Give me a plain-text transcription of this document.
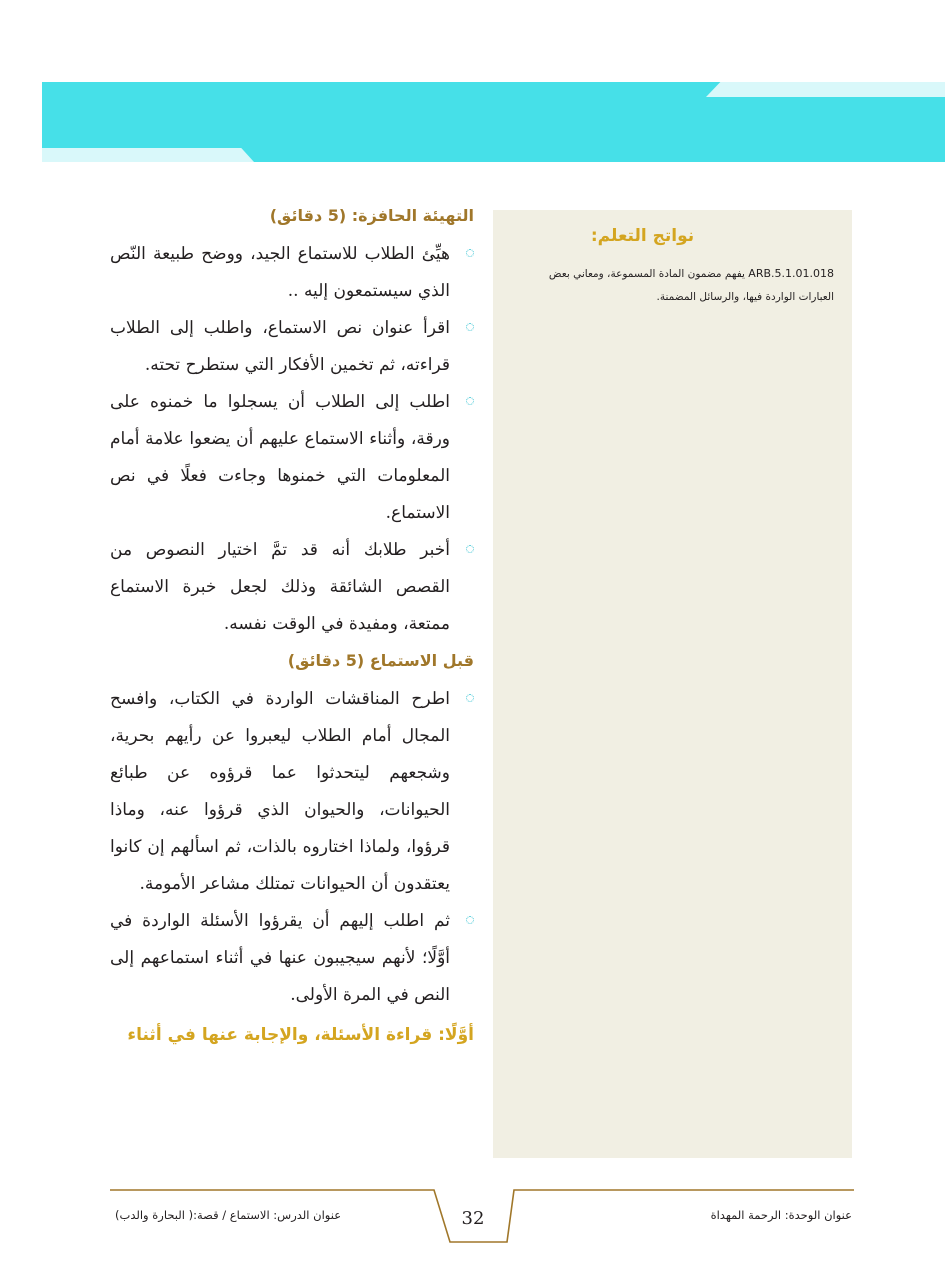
نواتج التعلم:
ARB.5.1.01.018 يفهم مضمون المادة المسموعة، ومعاني بعض العبارات الواردة فيها، والرسائل المضمنة.
التهيئة الحافزة: (5 دقائق)
هيِّئ الطلاب للاستماع الجيد، ووضح طبيعة النّص الذي سيستمعون إليه ..
اقرأ عنوان نص الاستماع، واطلب إلى الطلاب قراءته، ثم تخمين الأفكار التي ستطرح تحته.
اطلب إلى الطلاب أن يسجلوا ما خمنوه على ورقة، وأثناء الاستماع عليهم أن يضعوا علامة أمام المعلومات التي خمنوها وجاءت فعلًا في نص الاستماع.
أخبر طلابك أنه قد تمَّ اختيار النصوص من القصص الشائقة وذلك لجعل خبرة الاستماع ممتعة، ومفيدة في الوقت نفسه.
قبل الاستماع (5 دقائق)
اطرح المناقشات الواردة في الكتاب، وافسح المجال أمام الطلاب ليعبروا عن رأيهم بحرية، وشجعهم ليتحدثوا عما قرؤوه عن طبائع الحيوانات، والحيوان الذي قرؤوا عنه، وماذا قرؤوا، ولماذا اختاروه بالذات، ثم اسألهم إن كانوا يعتقدون أن الحيوانات تمتلك مشاعر الأمومة.
ثم اطلب إليهم أن يقرؤوا الأسئلة الواردة في أوَّلًا؛ لأنهم سيجيبون عنها في أثناء استماعهم إلى النص في المرة الأولى.
أوَّلًا: قراءة الأسئلة، والإجابة عنها في أثناء
عنوان الوحدة: الرحمة المهداة
32
عنوان الدرس: الاستماع / قصة:( البحارة والدب)
